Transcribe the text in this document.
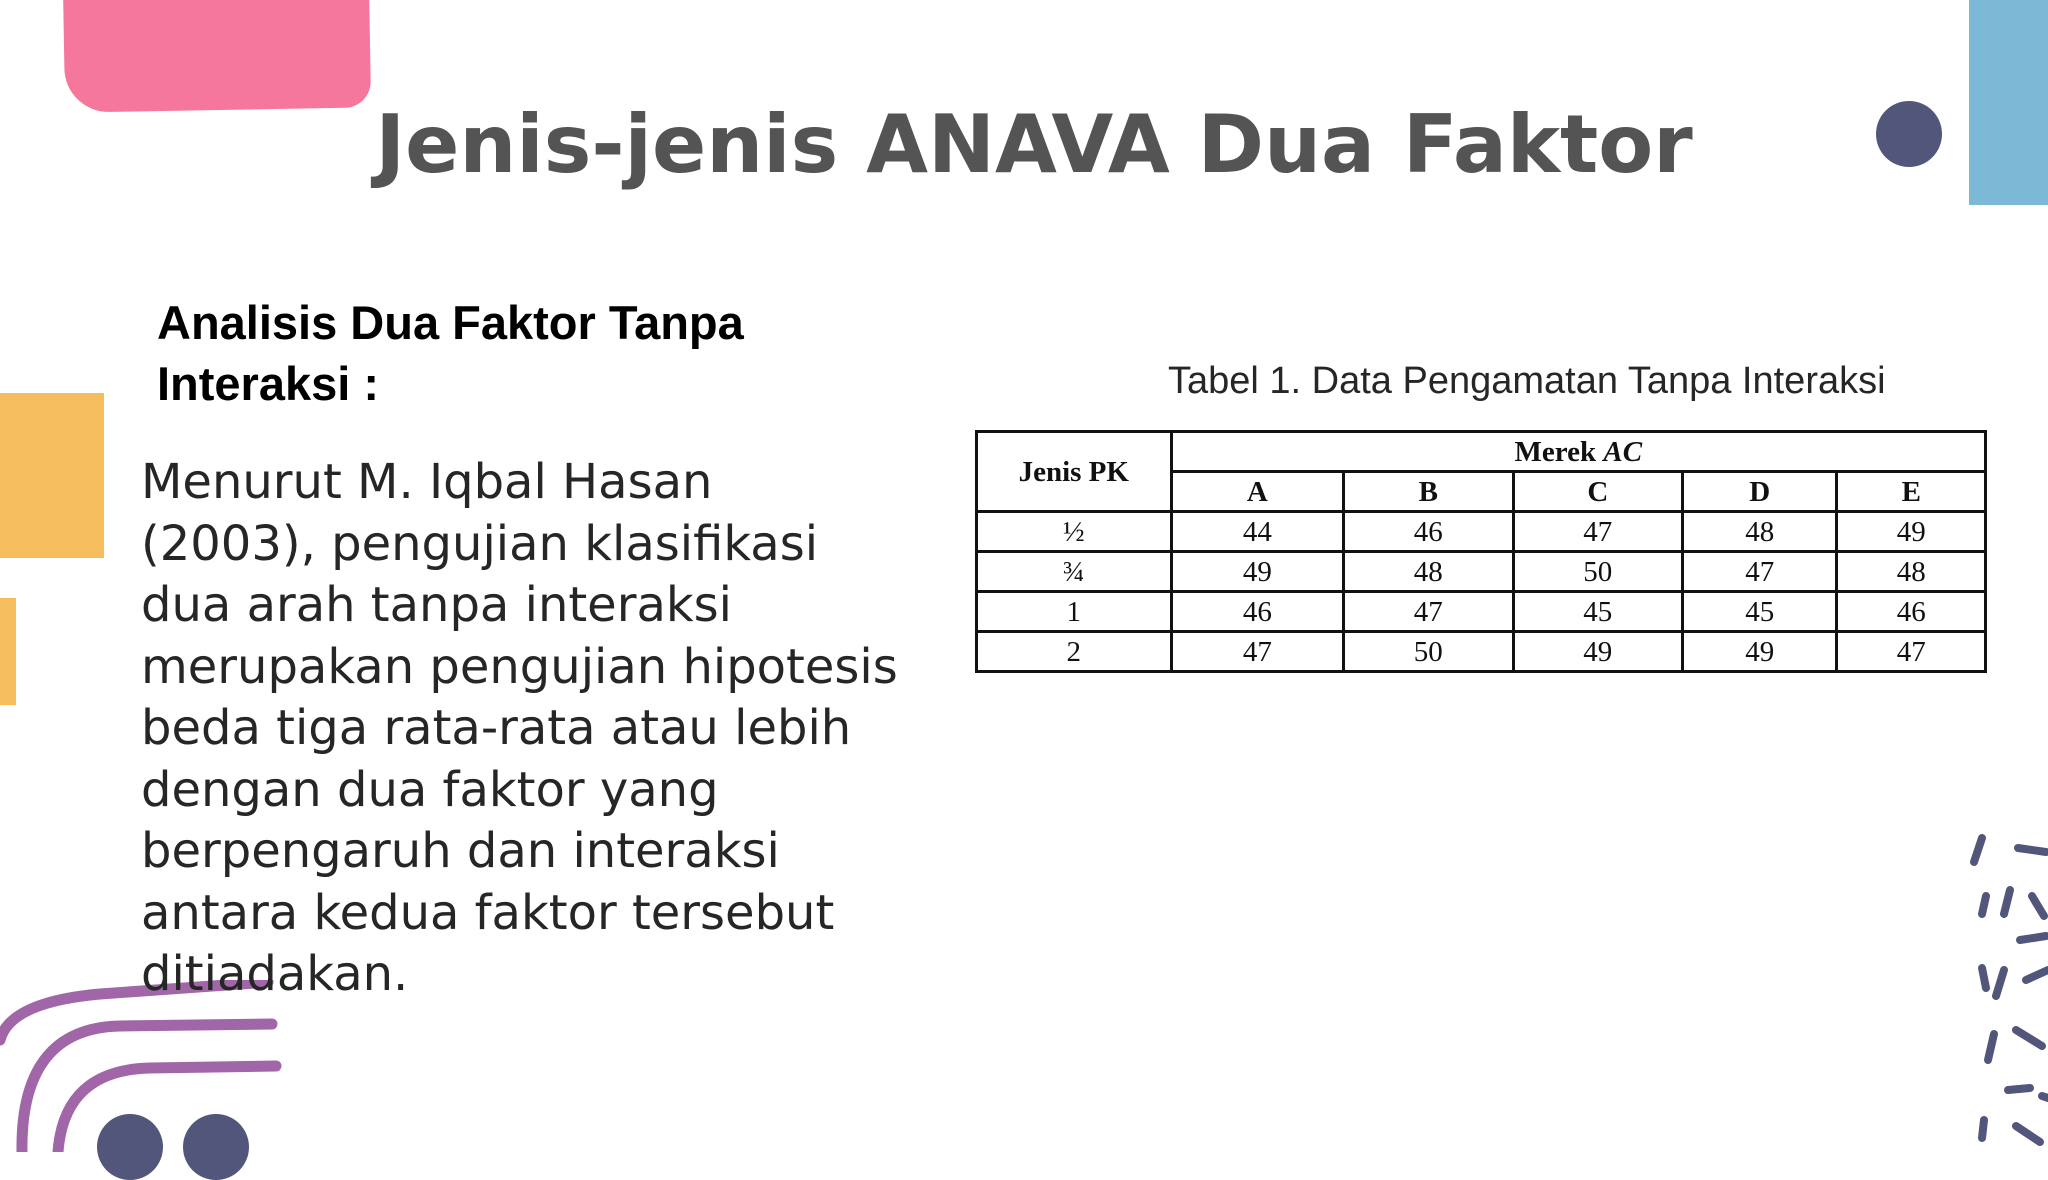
Jenis-jenis ANAVA Dua Faktor
Analisis Dua Faktor Tanpa
Interaksi :

Menurut M. Iqbal Hasan (2003), pengujian klasifikasi dua arah tanpa interaksi merupakan pengujian hipotesis beda tiga rata-rata atau lebih dengan dua faktor yang berpengaruh dan interaksi antara kedua faktor tersebut ditiadakan.

Tabel 1. Data Pengamatan Tanpa Interaksi

Jenis PK	Merek AC				
	A	B	C	D	E
½	44	46	47	48	49
¾	49	48	50	47	48
1	46	47	45	45	46
2	47	50	49	49	47
